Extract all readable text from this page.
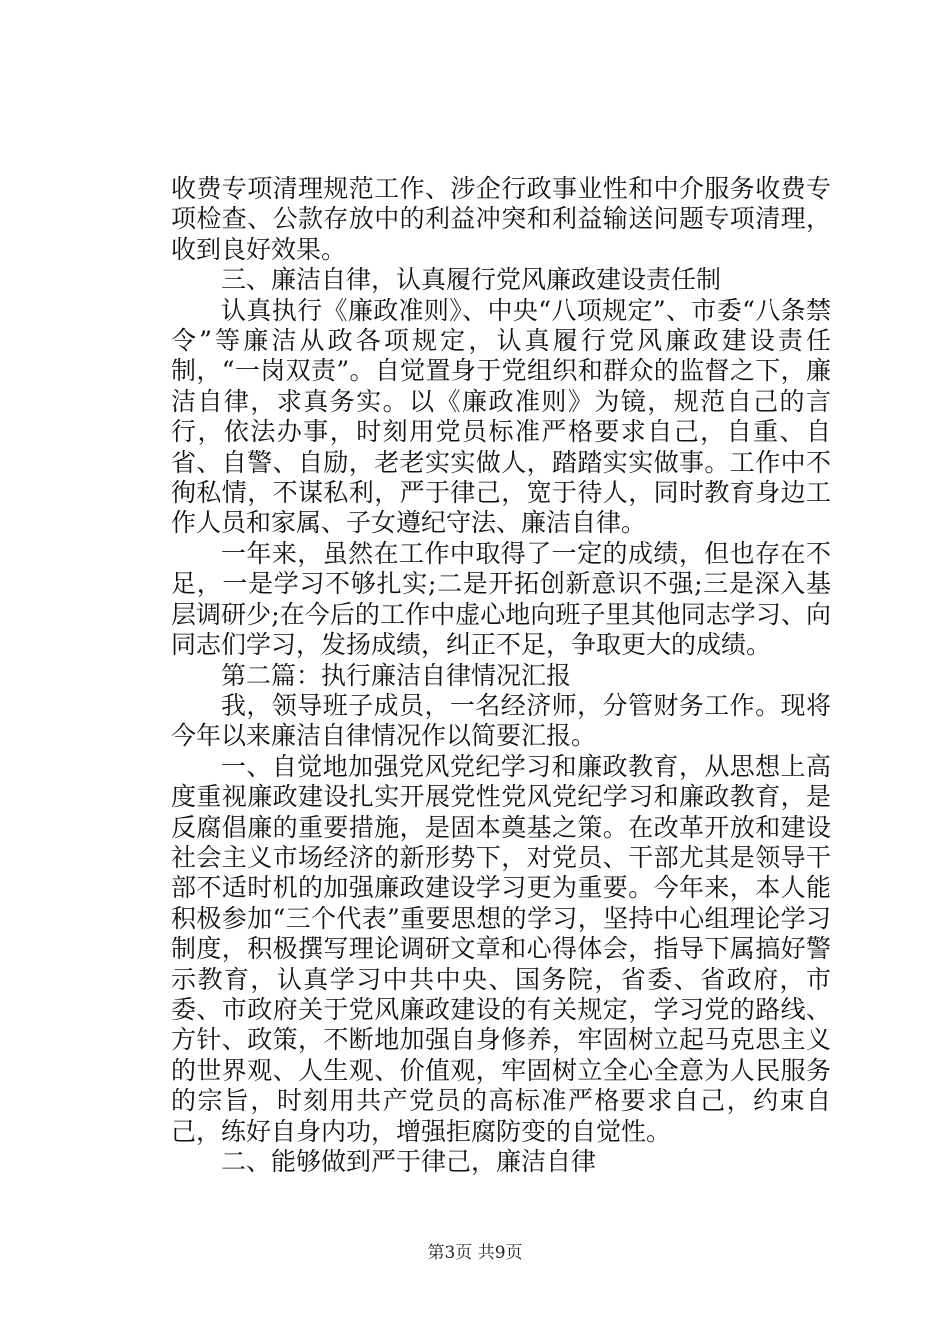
收费专项清理规范工作、涉企行政事业性和中介服务收费专项检查、公款存放中的利益冲突和利益输送问题专项清理，收到良好效果。

三、廉洁自律，认真履行党风廉政建设责任制

认真执行《廉政准则》、中央“八项规定”、市委“八条禁令”等廉洁从政各项规定，认真履行党风廉政建设责任制，“一岗双责”。自觉置身于党组织和群众的监督之下，廉洁自律，求真务实。以《廉政准则》为镜，规范自己的言行，依法办事，时刻用党员标准严格要求自己，自重、自省、自警、自励，老老实实做人，踏踏实实做事。工作中不徇私情，不谋私利，严于律己，宽于待人，同时教育身边工作人员和家属、子女遵纪守法、廉洁自律。

一年来，虽然在工作中取得了一定的成绩，但也存在不足，一是学习不够扎实;二是开拓创新意识不强;三是深入基层调研少;在今后的工作中虚心地向班子里其他同志学习、向同志们学习，发扬成绩，纠正不足，争取更大的成绩。

第二篇：执行廉洁自律情况汇报

我，领导班子成员，一名经济师，分管财务工作。现将今年以来廉洁自律情况作以简要汇报。

一、自觉地加强党风党纪学习和廉政教育，从思想上高度重视廉政建设扎实开展党性党风党纪学习和廉政教育，是反腐倡廉的重要措施，是固本奠基之策。在改革开放和建设社会主义市场经济的新形势下，对党员、干部尤其是领导干部不适时机的加强廉政建设学习更为重要。今年来，本人能积极参加“三个代表”重要思想的学习，坚持中心组理论学习制度，积极撰写理论调研文章和心得体会，指导下属搞好警示教育，认真学习中共中央、国务院，省委、省政府，市委、市政府关于党风廉政建设的有关规定，学习党的路线、方针、政策，不断地加强自身修养，牢固树立起马克思主义的世界观、人生观、价值观，牢固树立全心全意为人民服务的宗旨，时刻用共产党员的高标准严格要求自己，约束自己，练好自身内功，增强拒腐防变的自觉性。

二、能够做到严于律己，廉洁自律

第3页 共9页
